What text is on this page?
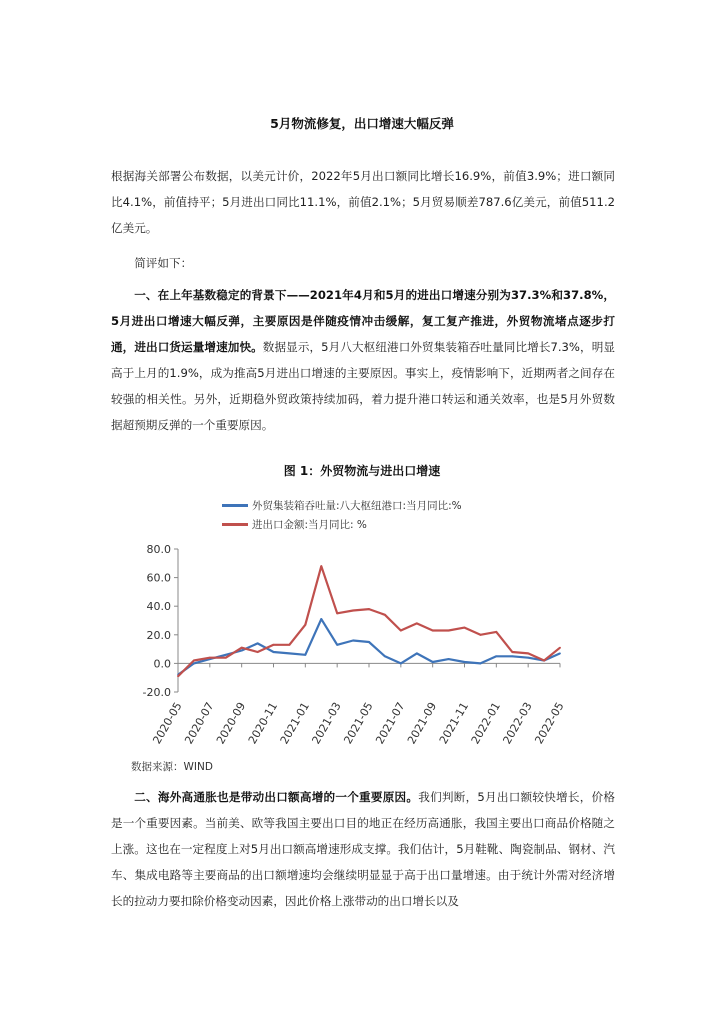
5月物流修复，出口增速大幅反弹
根据海关部署公布数据，以美元计价，2022年5月出口额同比增长16.9%，前值3.9%；进口额同比4.1%，前值持平；5月进出口同比11.1%，前值2.1%；5月贸易顺差787.6亿美元，前值511.2亿美元。
简评如下：
一、在上年基数稳定的背景下——2021年4月和5月的进出口增速分别为37.3%和37.8%，5月进出口增速大幅反弹，主要原因是伴随疫情冲击缓解，复工复产推进，外贸物流堵点逐步打通，进出口货运量增速加快。数据显示，5月八大枢纽港口外贸集装箱吞吐量同比增长7.3%，明显高于上月的1.9%，成为推高5月进出口增速的主要原因。事实上，疫情影响下，近期两者之间存在较强的相关性。另外，近期稳外贸政策持续加码，着力提升港口转运和通关效率，也是5月外贸数据超预期反弹的一个重要原因。
图 1：外贸物流与进出口增速
外贸集装箱吞吐量:八大枢纽港口:当月同比:%
进出口金额:当月同比: %
80.0
60.0
40.0
20.0
0.0
-20.0
2020-05
2020-07
2020-09
2020-11
2021-01
2021-03
2021-05
2021-07
2021-09
2021-11
2022-01
2022-03
2022-05
数据来源：WIND
二、海外高通胀也是带动出口额高增的一个重要原因。我们判断，5月出口额较快增长，价格是一个重要因素。当前美、欧等我国主要出口目的地正在经历高通胀，我国主要出口商品价格随之上涨。这也在一定程度上对5月出口额高增速形成支撑。我们估计，5月鞋靴、陶瓷制品、钢材、汽车、集成电路等主要商品的出口额增速均会继续明显显于高于出口量增速。由于统计外需对经济增长的拉动力要扣除价格变动因素，因此价格上涨带动的出口增长以及
